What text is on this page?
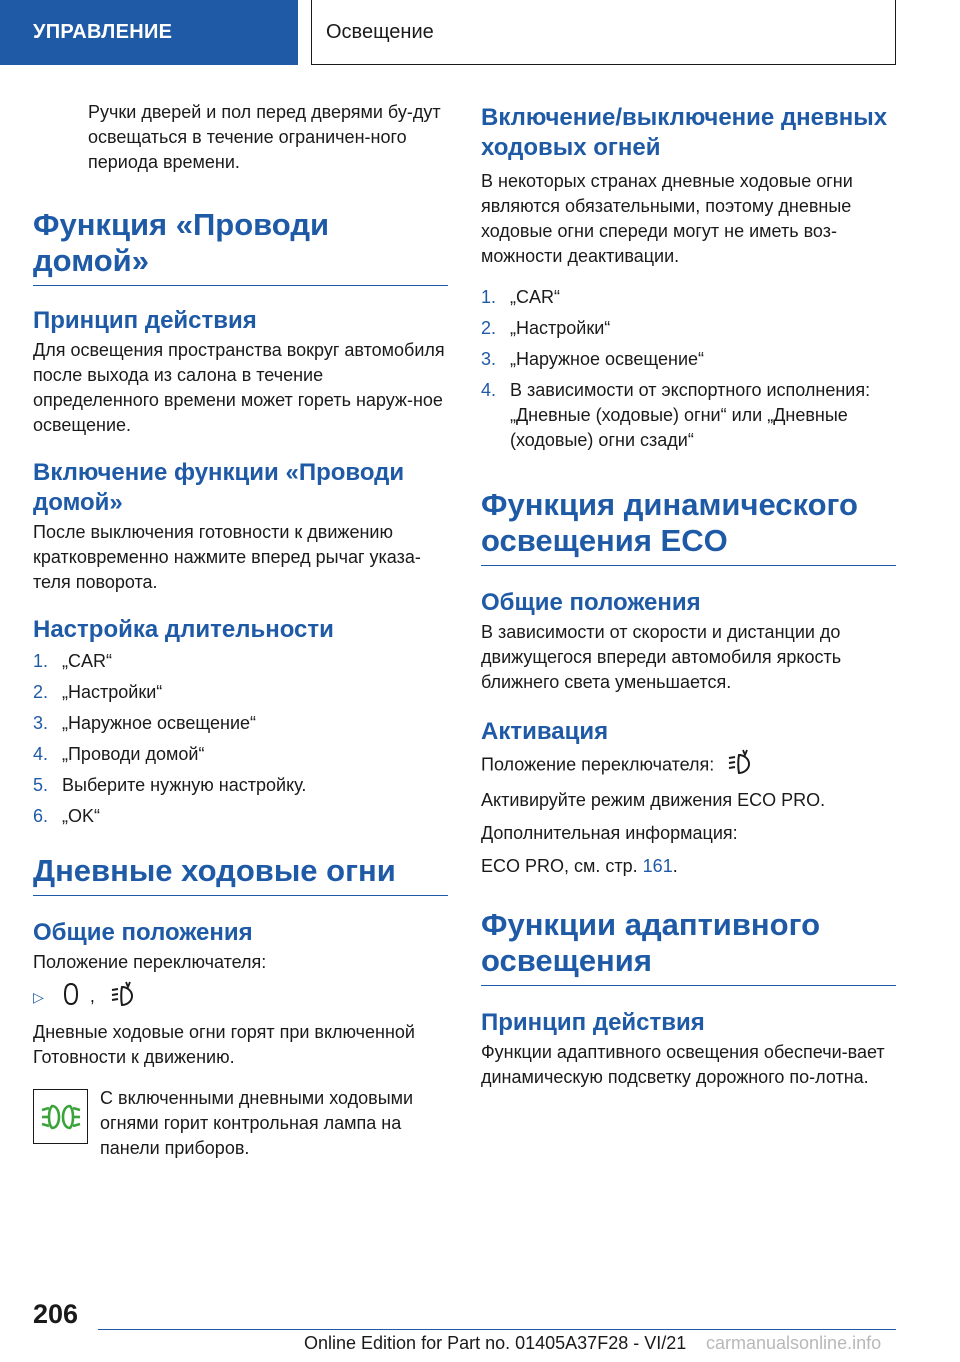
УПРАВЛЕНИЕ	Освещение

Ручки дверей и пол перед дверями бу-дут освещаться в течение ограничен-ного периода времени.

Функция «Проводи домой»
Принцип действия

Для освещения пространства вокруг автомобиля после выхода из салона в течение определенного времени может гореть наруж-ное освещение.

Включение функции «Проводи домой»

После выключения готовности к движению кратковременно нажмите вперед рычаг указа-теля поворота.

Настройка длительности
1. „CAR“
2. „Настройки“
3. „Наружное освещение“
4. „Проводи домой“
5. Выберите нужную настройку.
6. „OK“
Дневные ходовые огни
Общие положения

Положение переключателя:

▷	,

Дневные ходовые огни горят при включенной Готовности к движению.

С включенными дневными ходовыми огнями горит контрольная лампа на панели приборов.

Включение/выключение дневных ходовых огней

В некоторых странах дневные ходовые огни являются обязательными, поэтому дневные ходовые огни спереди могут не иметь воз-можности деактивации.

1. „CAR“
2. „Настройки“
3. „Наружное освещение“
4. В зависимости от экспортного исполнения: „Дневные (ходовые) огни“ или „Дневные (ходовые) огни сзади“
Функция динамического освещения ECO
Общие положения

В зависимости от скорости и дистанции до движущегося впереди автомобиля яркость ближнего света уменьшается.

Активация

Положение переключателя:

Активируйте режим движения ECO PRO.

Дополнительная информация:

ECO PRO, см. стр. 161.

Функции адаптивного освещения
Принцип действия

Функции адаптивного освещения обеспечи-вает динамическую подсветку дорожного по-лотна.

206
Online Edition for Part no. 01405A37F28 - VI/21 carmanualsonline.info
